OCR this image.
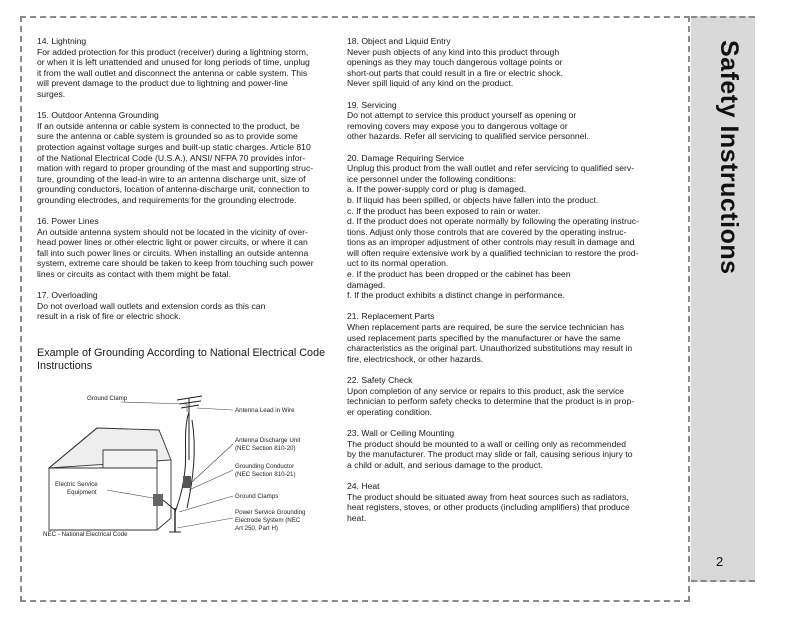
Safety Instructions
2
14. Lightning
For added protection for this product (receiver) during a lightning storm,
or when it is left unattended and unused for long periods of time, unplug
it from the wall outlet and disconnect the antenna or cable system. This
will prevent damage to the product due to lightning and power-line
surges.
15. Outdoor Antenna Grounding
If an outside antenna or cable system is connected to the product, be
sure the antenna or cable system is grounded so as to provide some
protection against voltage surges and built-up static charges. Article 810
of the National Electrical Code (U.S.A.), ANSI/ NFPA 70 provides infor-
mation with regard to proper grounding of the mast and supporting struc-
ture, grounding of the lead-in wire to an antenna discharge unit, size of
grounding conductors, location of antenna-discharge unit, connection to
grounding electrodes, and requirements for the grounding electrode.
16. Power Lines
An outside antenna system should not be located in the vicinity of over-
head power lines or other electric light or power circuits, or where it can
fall into such power lines or circuits. When installing an outside antenna
system, extreme care should be taken to keep from touching such power
lines or circuits as contact with them might be fatal.
17. Overloading
Do not overload wall outlets and extension cords as this can
result in a risk of fire or electric shock.
18. Object and Liquid Entry
Never push objects of any kind into this product through
openings as they may touch dangerous voltage points or
short-out parts that could result in a fire or electric shock.
Never spill liquid of any kind on the product.
19. Servicing
Do not attempt to service this product yourself as opening or
removing covers may expose you to dangerous voltage or
other hazards. Refer all servicing to qualified service personnel.
20. Damage Requiring Service
Unplug this product from the wall outlet and refer servicing to qualified serv-
ice personnel under the following conditions:
a. If the power-supply cord or plug is damaged.
b. If liquid has been spilled, or objects have fallen into the product.
c. If the product has been exposed to rain or water.
d. If the product does not operate normally by following the operating instruc-
tions. Adjust only those controls that are covered by the operating instruc-
tions as an improper adjustment of other controls may result in damage and
will often require extensive work by a qualified technician to restore the prod-
uct to its normal operation.
e. If the product has been dropped or the cabinet has been
damaged.
f. If the product exhibits a distinct change in performance.
21. Replacement Parts
When replacement parts are required, be sure the service technician has
used replacement parts specified by the manufacturer or have the same
characteristics as the original part. Unauthorized substitutions may result in
fire, electricshock, or other hazards.
22. Safety Check
Upon completion of any service or repairs to this product, ask the service
technician to perform safety checks to determine that the product is in prop-
er operating condition.
23. Wall or Ceiling Mounting
The product should be mounted to a wall or ceiling only as recommended
by the manufacturer. The product may slide or fall, causing serious injury to
a child or adult, and serious damage to the product.
24. Heat
The product should be situated away from heat sources such as radiators,
heat registers, stoves, or other products (including amplifiers) that produce
heat.
Example of Grounding According to National Electrical Code Instructions
Ground Clamp
Antenna Lead in Wire
Antenna Discharge Unit
(NEC Section 810-20)
Grounding Conductor
(NEC Section 810-21)
Electric Service
Equipment
Ground Clamps
Power Service Grounding
Electrode System (NEC
Art 250, Part H)
NEC - National Electrical Code
